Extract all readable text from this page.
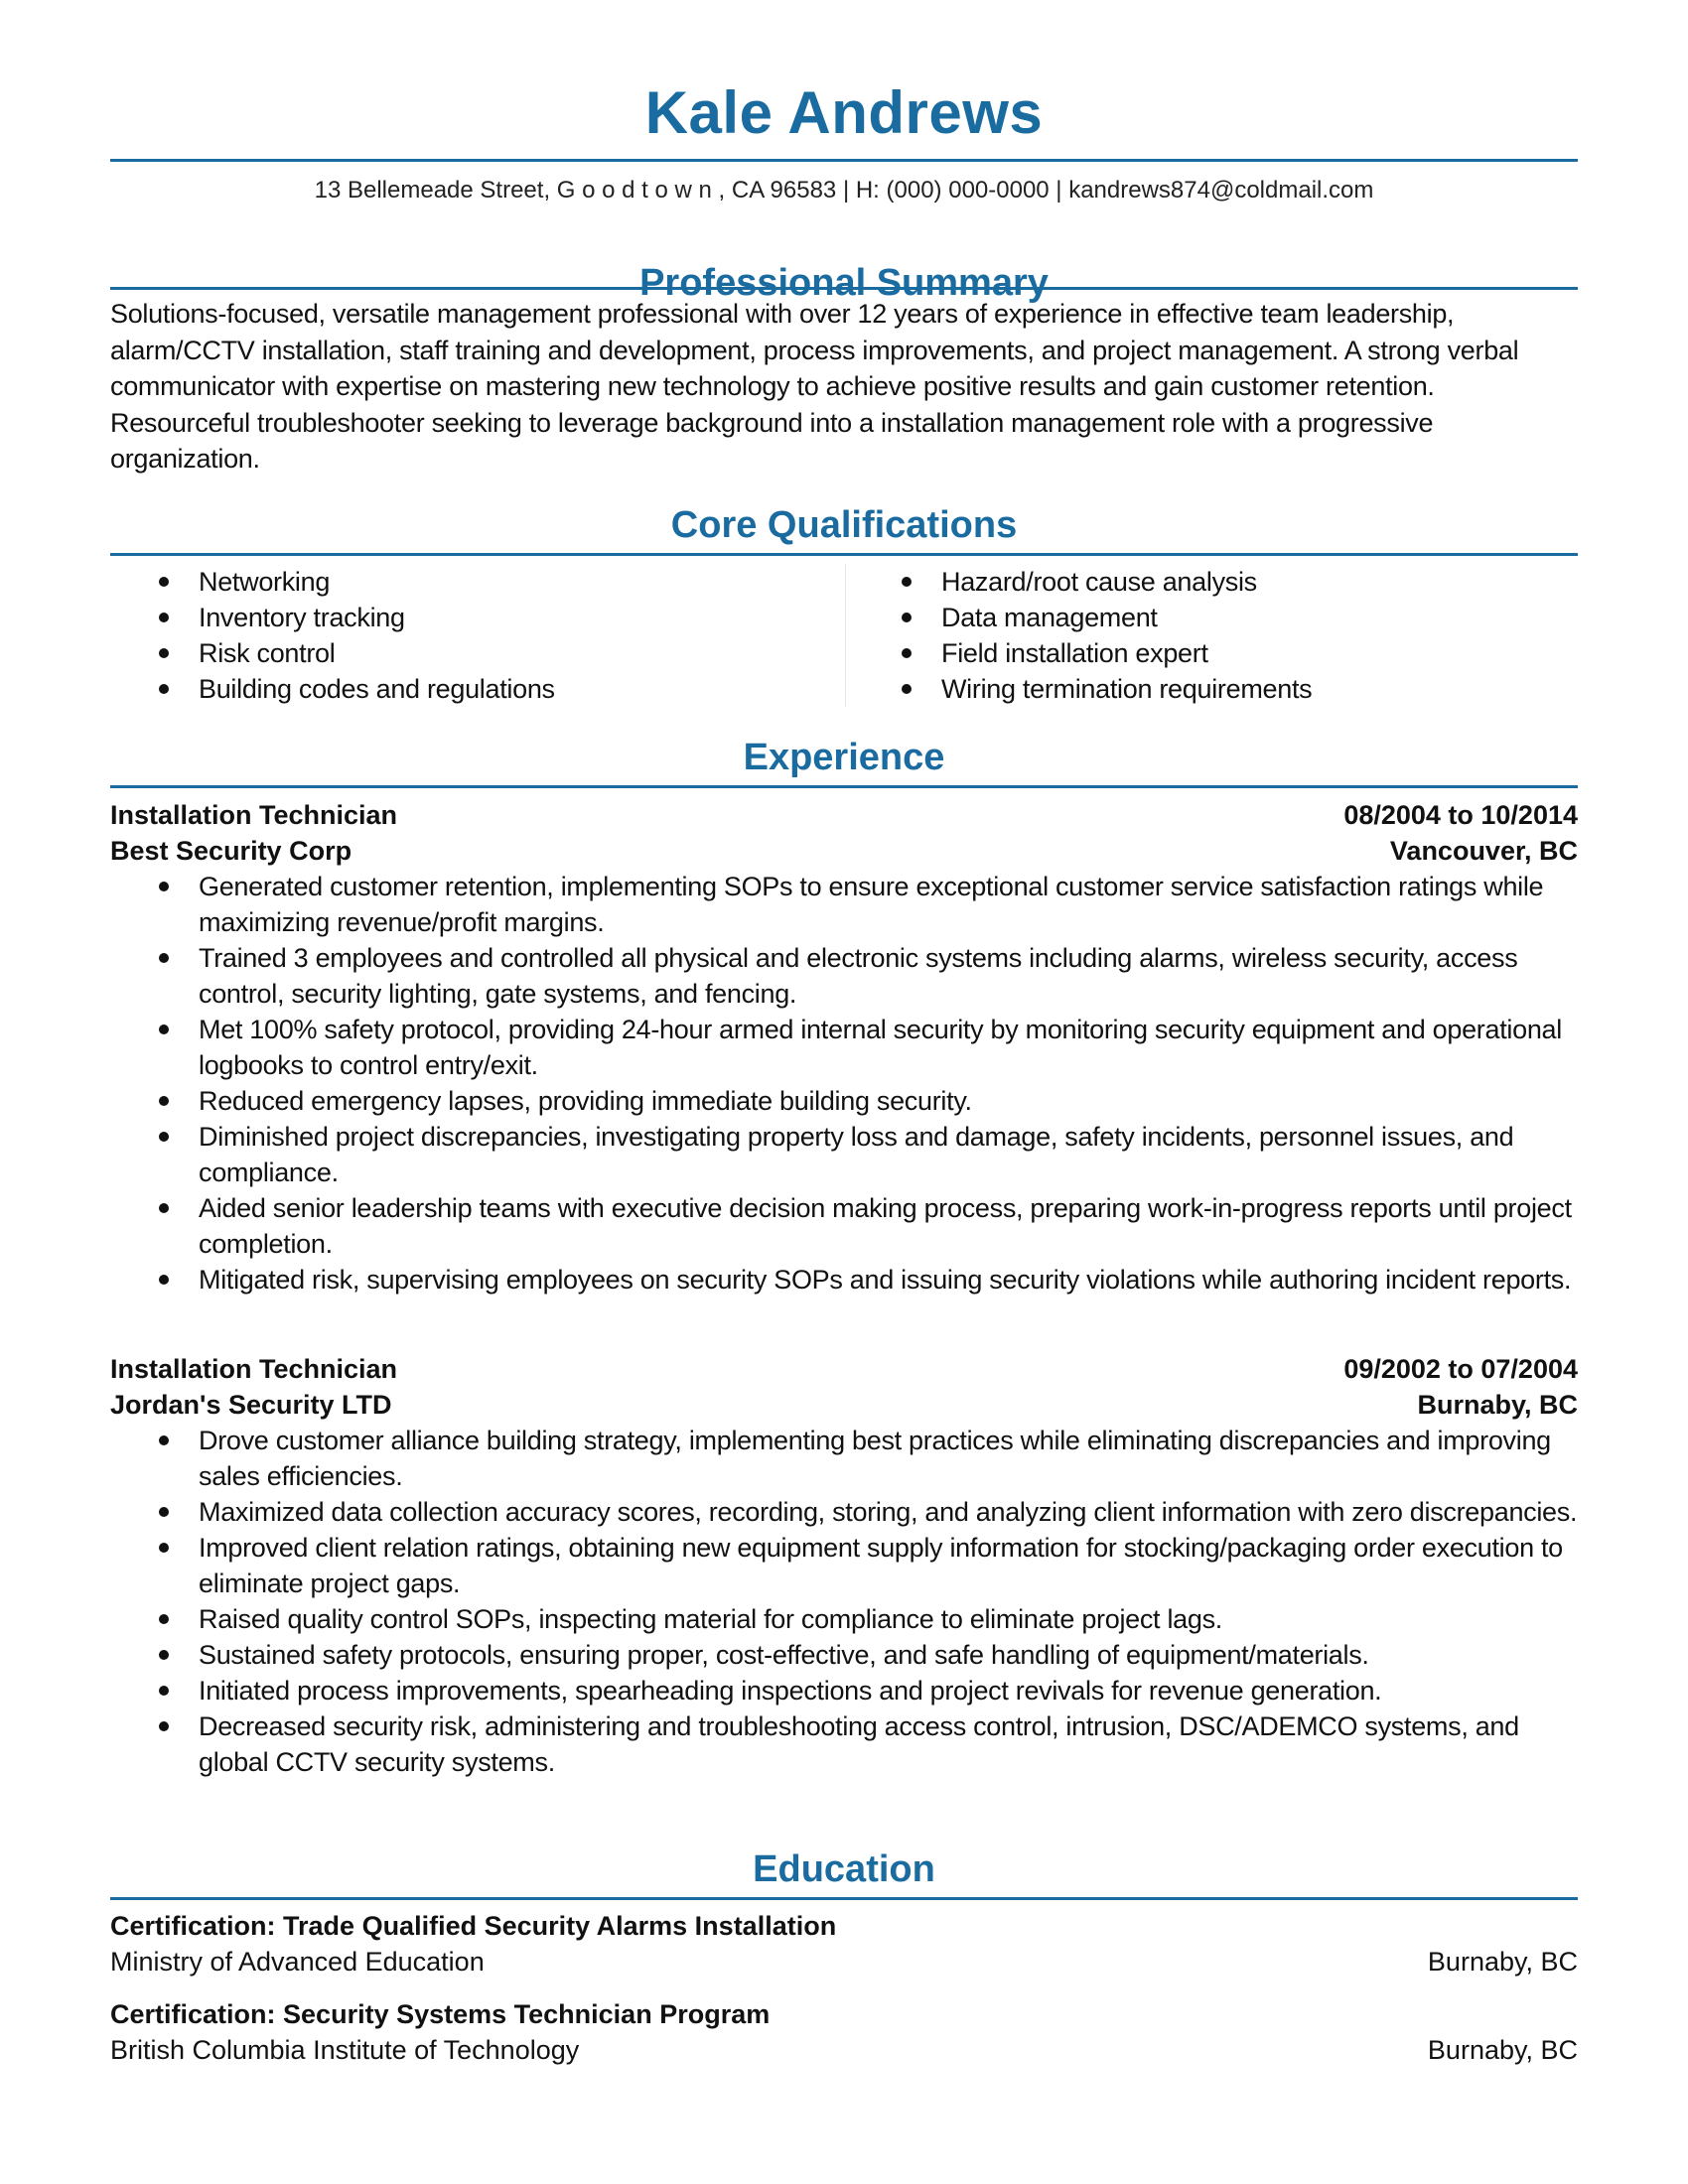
Kale Andrews
13 Bellemeade Street, G o o d t o w n , CA 96583 | H: (000) 000-0000 | kandrews874@coldmail.com
Professional Summary
Solutions-focused, versatile management professional with over 12 years of experience in effective team leadership, alarm/CCTV installation, staff training and development, process improvements, and project management. A strong verbal communicator with expertise on mastering new technology to achieve positive results and gain customer retention. Resourceful troubleshooter seeking to leverage background into a installation management role with a progressive organization.
Core Qualifications
Networking
Inventory tracking
Risk control
Building codes and regulations
Hazard/root cause analysis
Data management
Field installation expert
Wiring termination requirements
Experience
Installation Technician	08/2004 to 10/2014
Best Security Corp	Vancouver, BC
Generated customer retention, implementing SOPs to ensure exceptional customer service satisfaction ratings while maximizing revenue/profit margins.
Trained 3 employees and controlled all physical and electronic systems including alarms, wireless security, access control, security lighting, gate systems, and fencing.
Met 100% safety protocol, providing 24-hour armed internal security by monitoring security equipment and operational logbooks to control entry/exit.
Reduced emergency lapses, providing immediate building security.
Diminished project discrepancies, investigating property loss and damage, safety incidents, personnel issues, and compliance.
Aided senior leadership teams with executive decision making process, preparing work-in-progress reports until project completion.
Mitigated risk, supervising employees on security SOPs and issuing security violations while authoring incident reports.
Installation Technician	09/2002 to 07/2004
Jordan's Security LTD	Burnaby, BC
Drove customer alliance building strategy, implementing best practices while eliminating discrepancies and improving sales efficiencies.
Maximized data collection accuracy scores, recording, storing, and analyzing client information with zero discrepancies.
Improved client relation ratings, obtaining new equipment supply information for stocking/packaging order execution to eliminate project gaps.
Raised quality control SOPs, inspecting material for compliance to eliminate project lags.
Sustained safety protocols, ensuring proper, cost-effective, and safe handling of equipment/materials.
Initiated process improvements, spearheading inspections and project revivals for revenue generation.
Decreased security risk, administering and troubleshooting access control, intrusion, DSC/ADEMCO systems, and global CCTV security systems.
Education
Certification: Trade Qualified Security Alarms Installation
Ministry of Advanced Education	Burnaby, BC
Certification: Security Systems Technician Program
British Columbia Institute of Technology	Burnaby, BC
